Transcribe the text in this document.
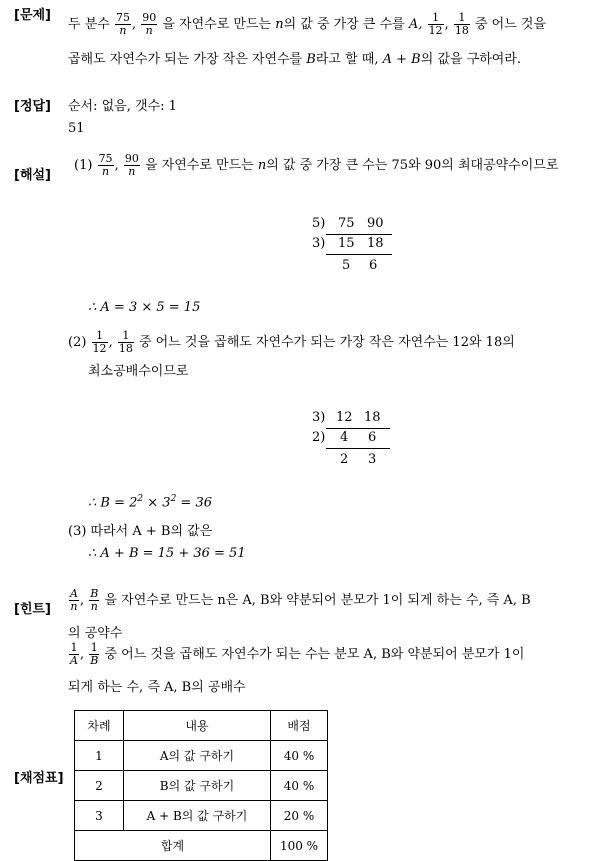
[문제]
[정답]
[해설]
[힌트]
[채점표]
두 분수 $\frac{75}{n}$ , $\frac{90}{n}$ 을 자연수로 만드는 n의 값 중 가장 큰 수를 A, $\frac{1}{12}$ , $\frac{1}{18}$ 중 어느 것을
곱해도 자연수가 되는 가장 작은 자연수를 B라고 할 때, A + B의 값을 구하여라.
순서: 없음, 갯수: 1
51
$(1) \frac{75}{n}$ , $\frac{90}{n}$ 을 자연수로 만드는 n의 값 중 가장 큰 수는 75와 90의 최대공약수이므로
5) 75 90
3) 15 18
5 6
∴ A = 3 × 5 = 15
$(2) \frac{1}{12}$ , $\frac{1}{18}$ 중 어느 것을 곱해도 자연수가 되는 가장 작은 자연수는 12와 18의
최소공배수이므로
3) 12 18
2) 4 6
2 3
∴ $B = 2^2 \times 3^2 = 36$
(3) 따라서 A + B의 값은
∴ A + B = 15 + 36 = 51
$\frac{A}{n}$ , $\frac{B}{n}$ 을 자연수로 만드는 n은 A, B와 약분되어 분모가 1이 되게 하는 수, 즉 A, B
의 공약수
$\frac{1}{A}$ , $\frac{1}{B}$ 중 어느 것을 곱해도 자연수가 되는 수는 분모 A, B와 약분되어 분모가 1이
되게 하는 수, 즉 A, B의 공배수
차례	내용	배점
1	A의 값 구하기	40 %
2	B의 값 구하기	40 %
3	A + B의 값 구하기	20 %
합계		100 %
